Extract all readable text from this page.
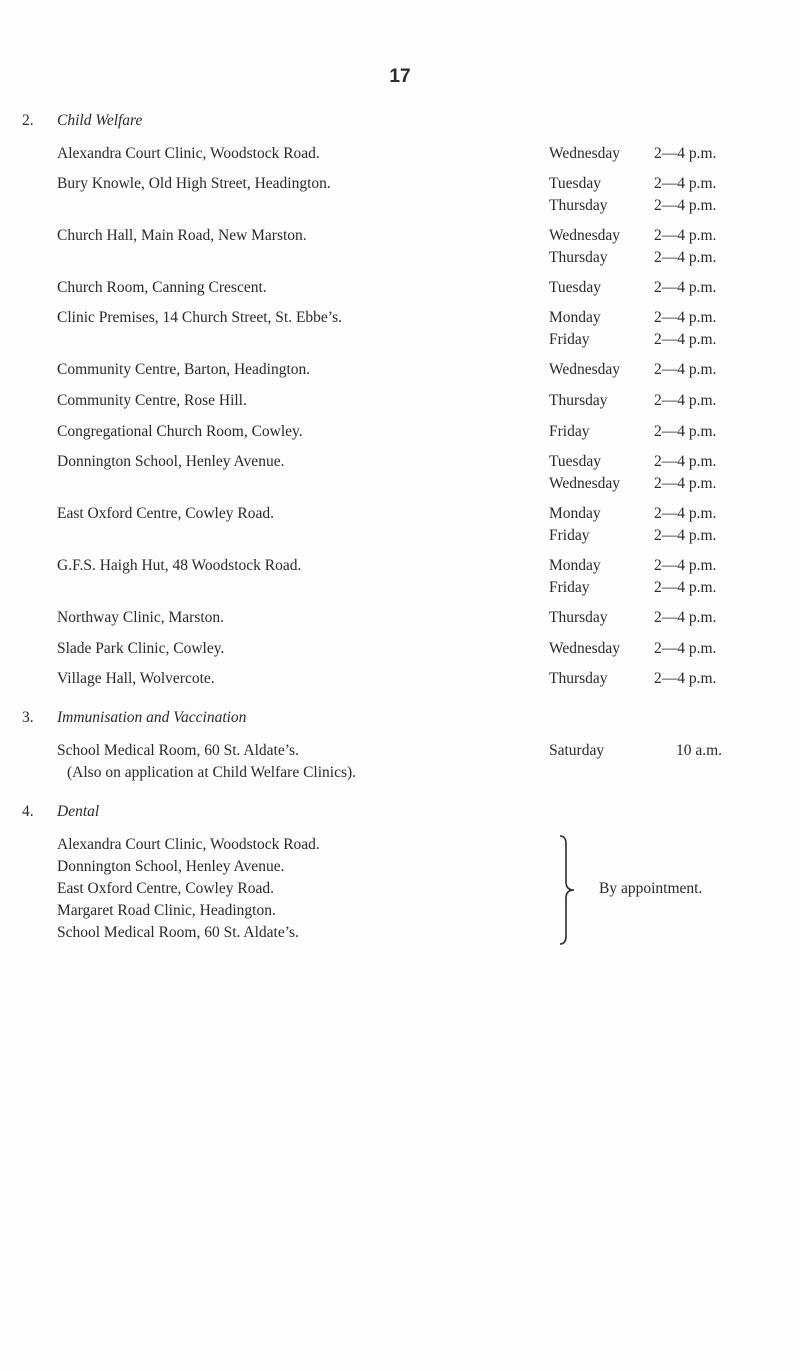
17
2. Child Welfare
Alexandra Court Clinic, Woodstock Road.	Wednesday 2—4 p.m.
Bury Knowle, Old High Street, Headington.	Tuesday	2—4 p.m.
Thursday	2—4 p.m.
Church Hall, Main Road, New Marston.	Wednesday 2—4 p.m.
Thursday	2—4 p.m.
Church Room, Canning Crescent.	Tuesday	2—4 p.m.
Clinic Premises, 14 Church Street, St. Ebbe’s.	Monday	2—4 p.m.
Friday	2—4 p.m.
Community Centre, Barton, Headington.	Wednesday 2—4 p.m.
Community Centre, Rose Hill.	Thursday	2—4 p.m.
Congregational Church Room, Cowley.	Friday	2—4 p.m.
Donnington School, Henley Avenue.	Tuesday	2—4 p.m.
Wednesday 2—4 p.m.
East Oxford Centre, Cowley Road.	Monday	2—4 p.m.
Friday	2—4 p.m.
G.F.S. Haigh Hut, 48 Woodstock Road.	Monday	2—4 p.m.
Friday	2—4 p.m.
Northway Clinic, Marston.	Thursday	2—4 p.m.
Slade Park Clinic, Cowley.	Wednesday 2—4 p.m.
Village Hall, Wolvercote.	Thursday	2—4 p.m.
3. Immunisation and Vaccination
School Medical Room, 60 St. Aldate’s.	Saturday	10 a.m.
(Also on application at Child Welfare Clinics).
4. Dental
Alexandra Court Clinic, Woodstock Road.
Donnington School, Henley Avenue.
East Oxford Centre, Cowley Road.
Margaret Road Clinic, Headington.
School Medical Room, 60 St. Aldate’s.
By appointment.
